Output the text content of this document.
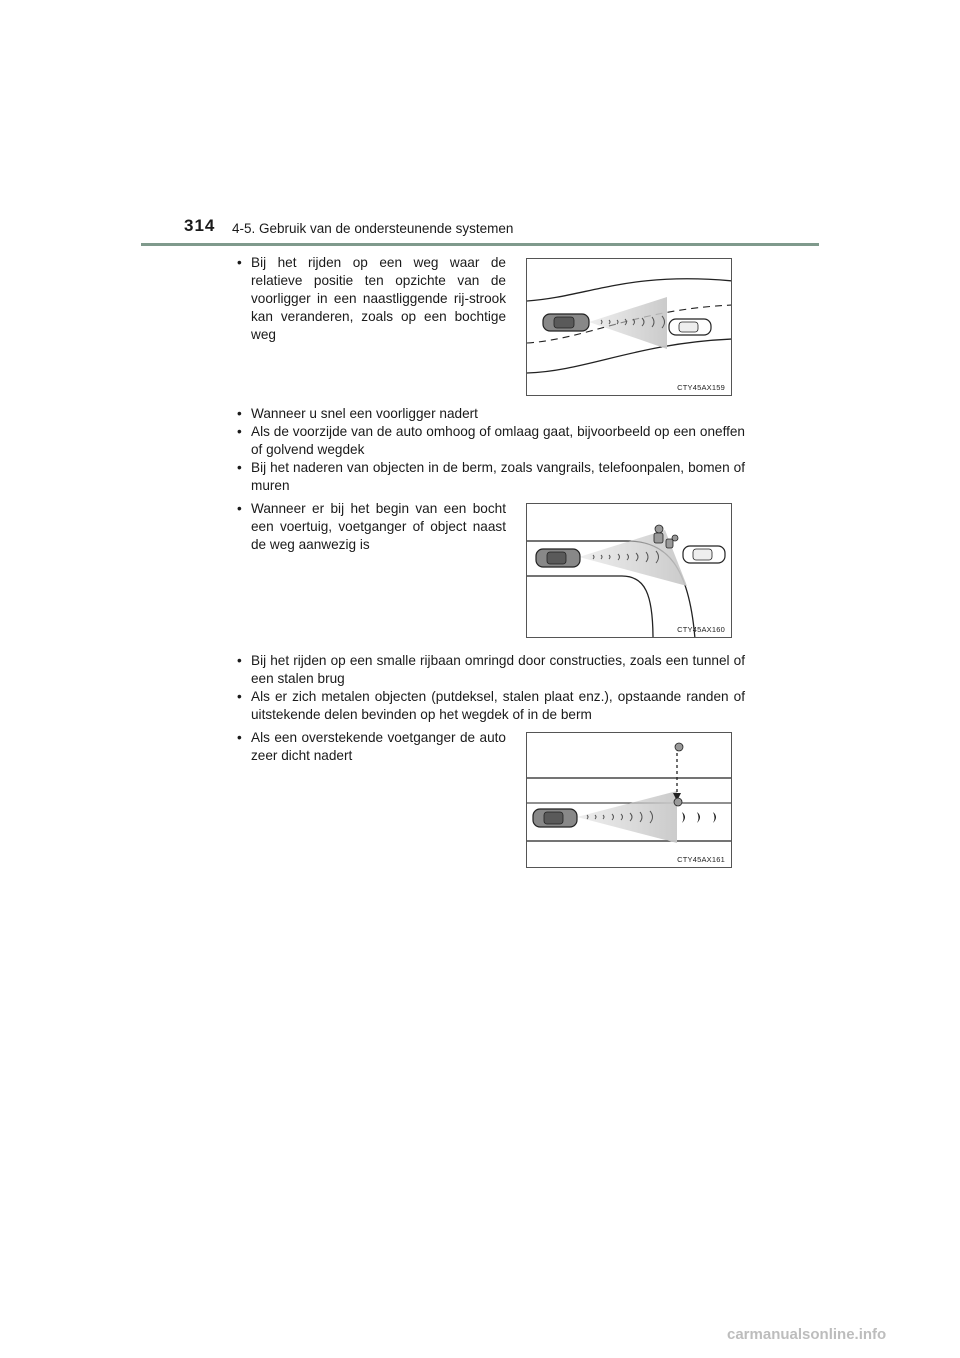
314 4-5. Gebruik van de ondersteunende systemen
• Bij het rijden op een weg waar de relatieve positie ten opzichte van de voorligger in een naastliggende rij-strook kan veranderen, zoals op een bochtige weg
CTY45AX159
• Wanneer u snel een voorligger nadert
• Als de voorzijde van de auto omhoog of omlaag gaat, bijvoorbeeld op een oneffen of golvend wegdek
• Bij het naderen van objecten in de berm, zoals vangrails, telefoonpalen, bomen of muren
• Wanneer er bij het begin van een bocht een voertuig, voetganger of object naast de weg aanwezig is
CTY45AX160
• Bij het rijden op een smalle rijbaan omringd door constructies, zoals een tunnel of een stalen brug
• Als er zich metalen objecten (putdeksel, stalen plaat enz.), opstaande randen of uitstekende delen bevinden op het wegdek of in de berm
• Als een overstekende voetganger de auto zeer dicht nadert
CTY45AX161
carmanualsonline.info
